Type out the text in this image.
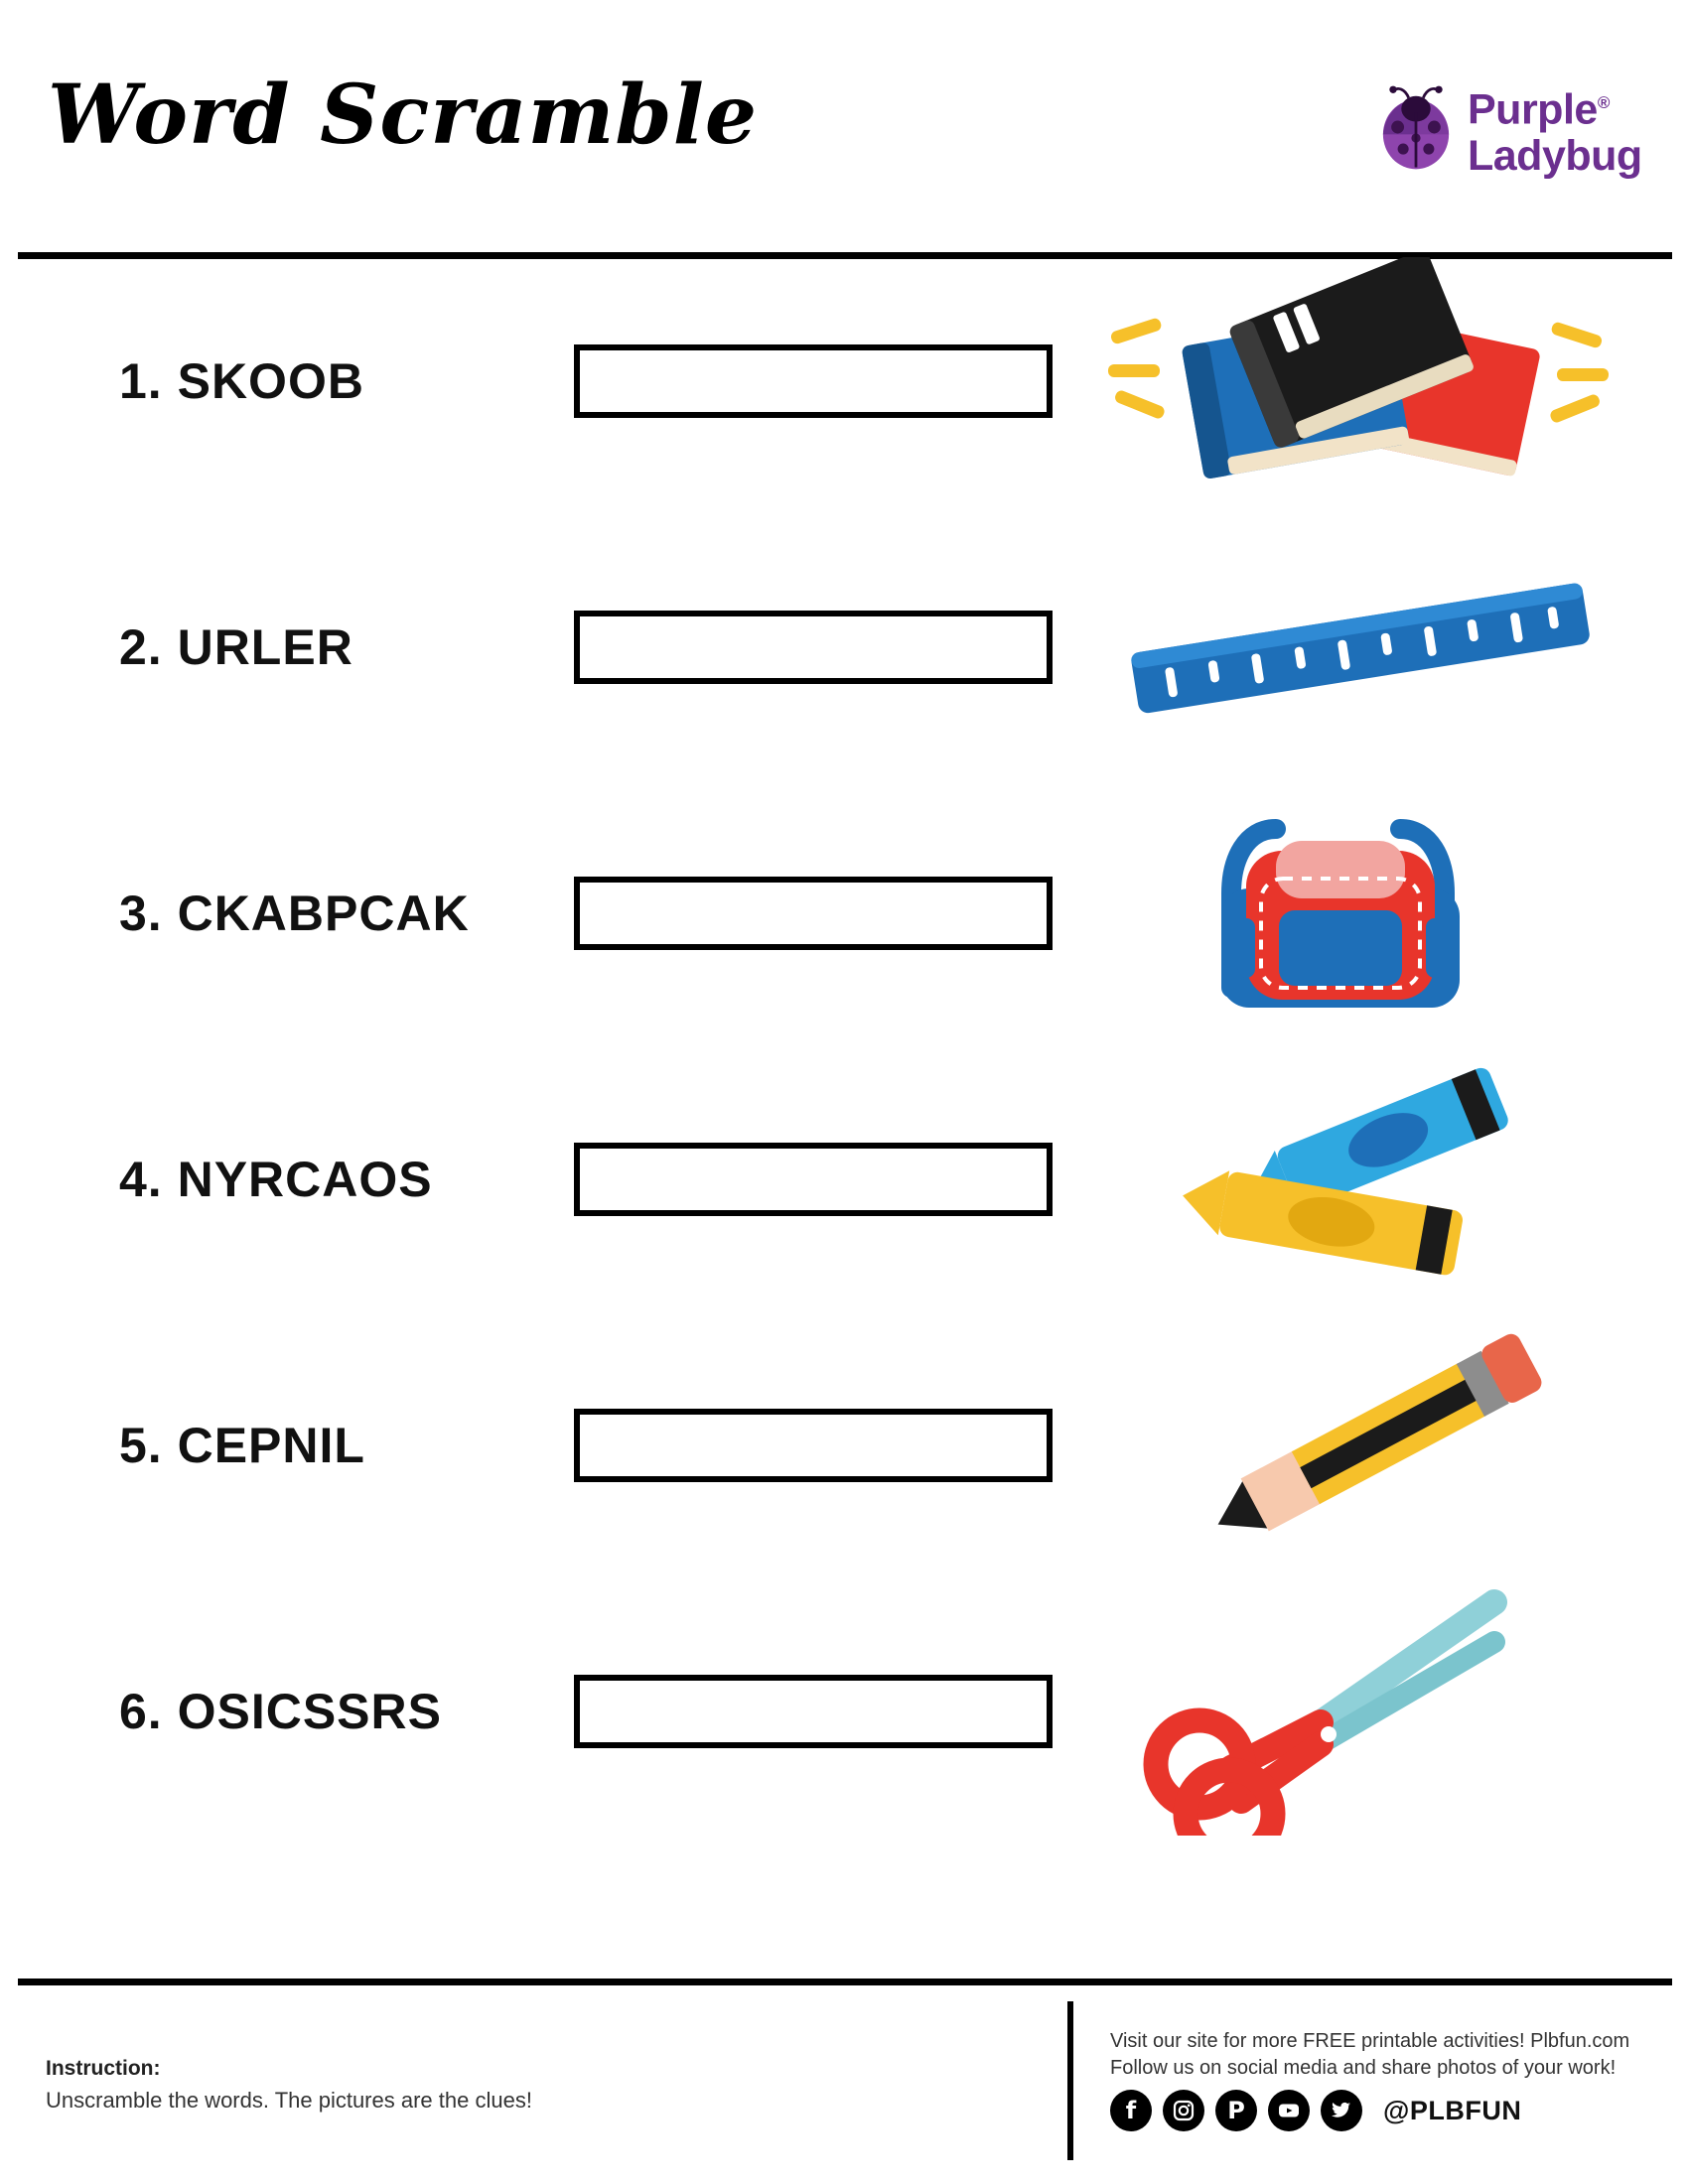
Word Scramble	Purple®
Ladybug
1. SKOOB
2. URLER
3. CKABPCAK
4. NYRCAOS
5. CEPNIL
6. OSICSSRS
Instruction:
Unscramble the words. The pictures are the clues!
Visit our site for more FREE printable activities! Plbfun.com
Follow us on social media and share photos of your work!
f	P	@PLBFUN
